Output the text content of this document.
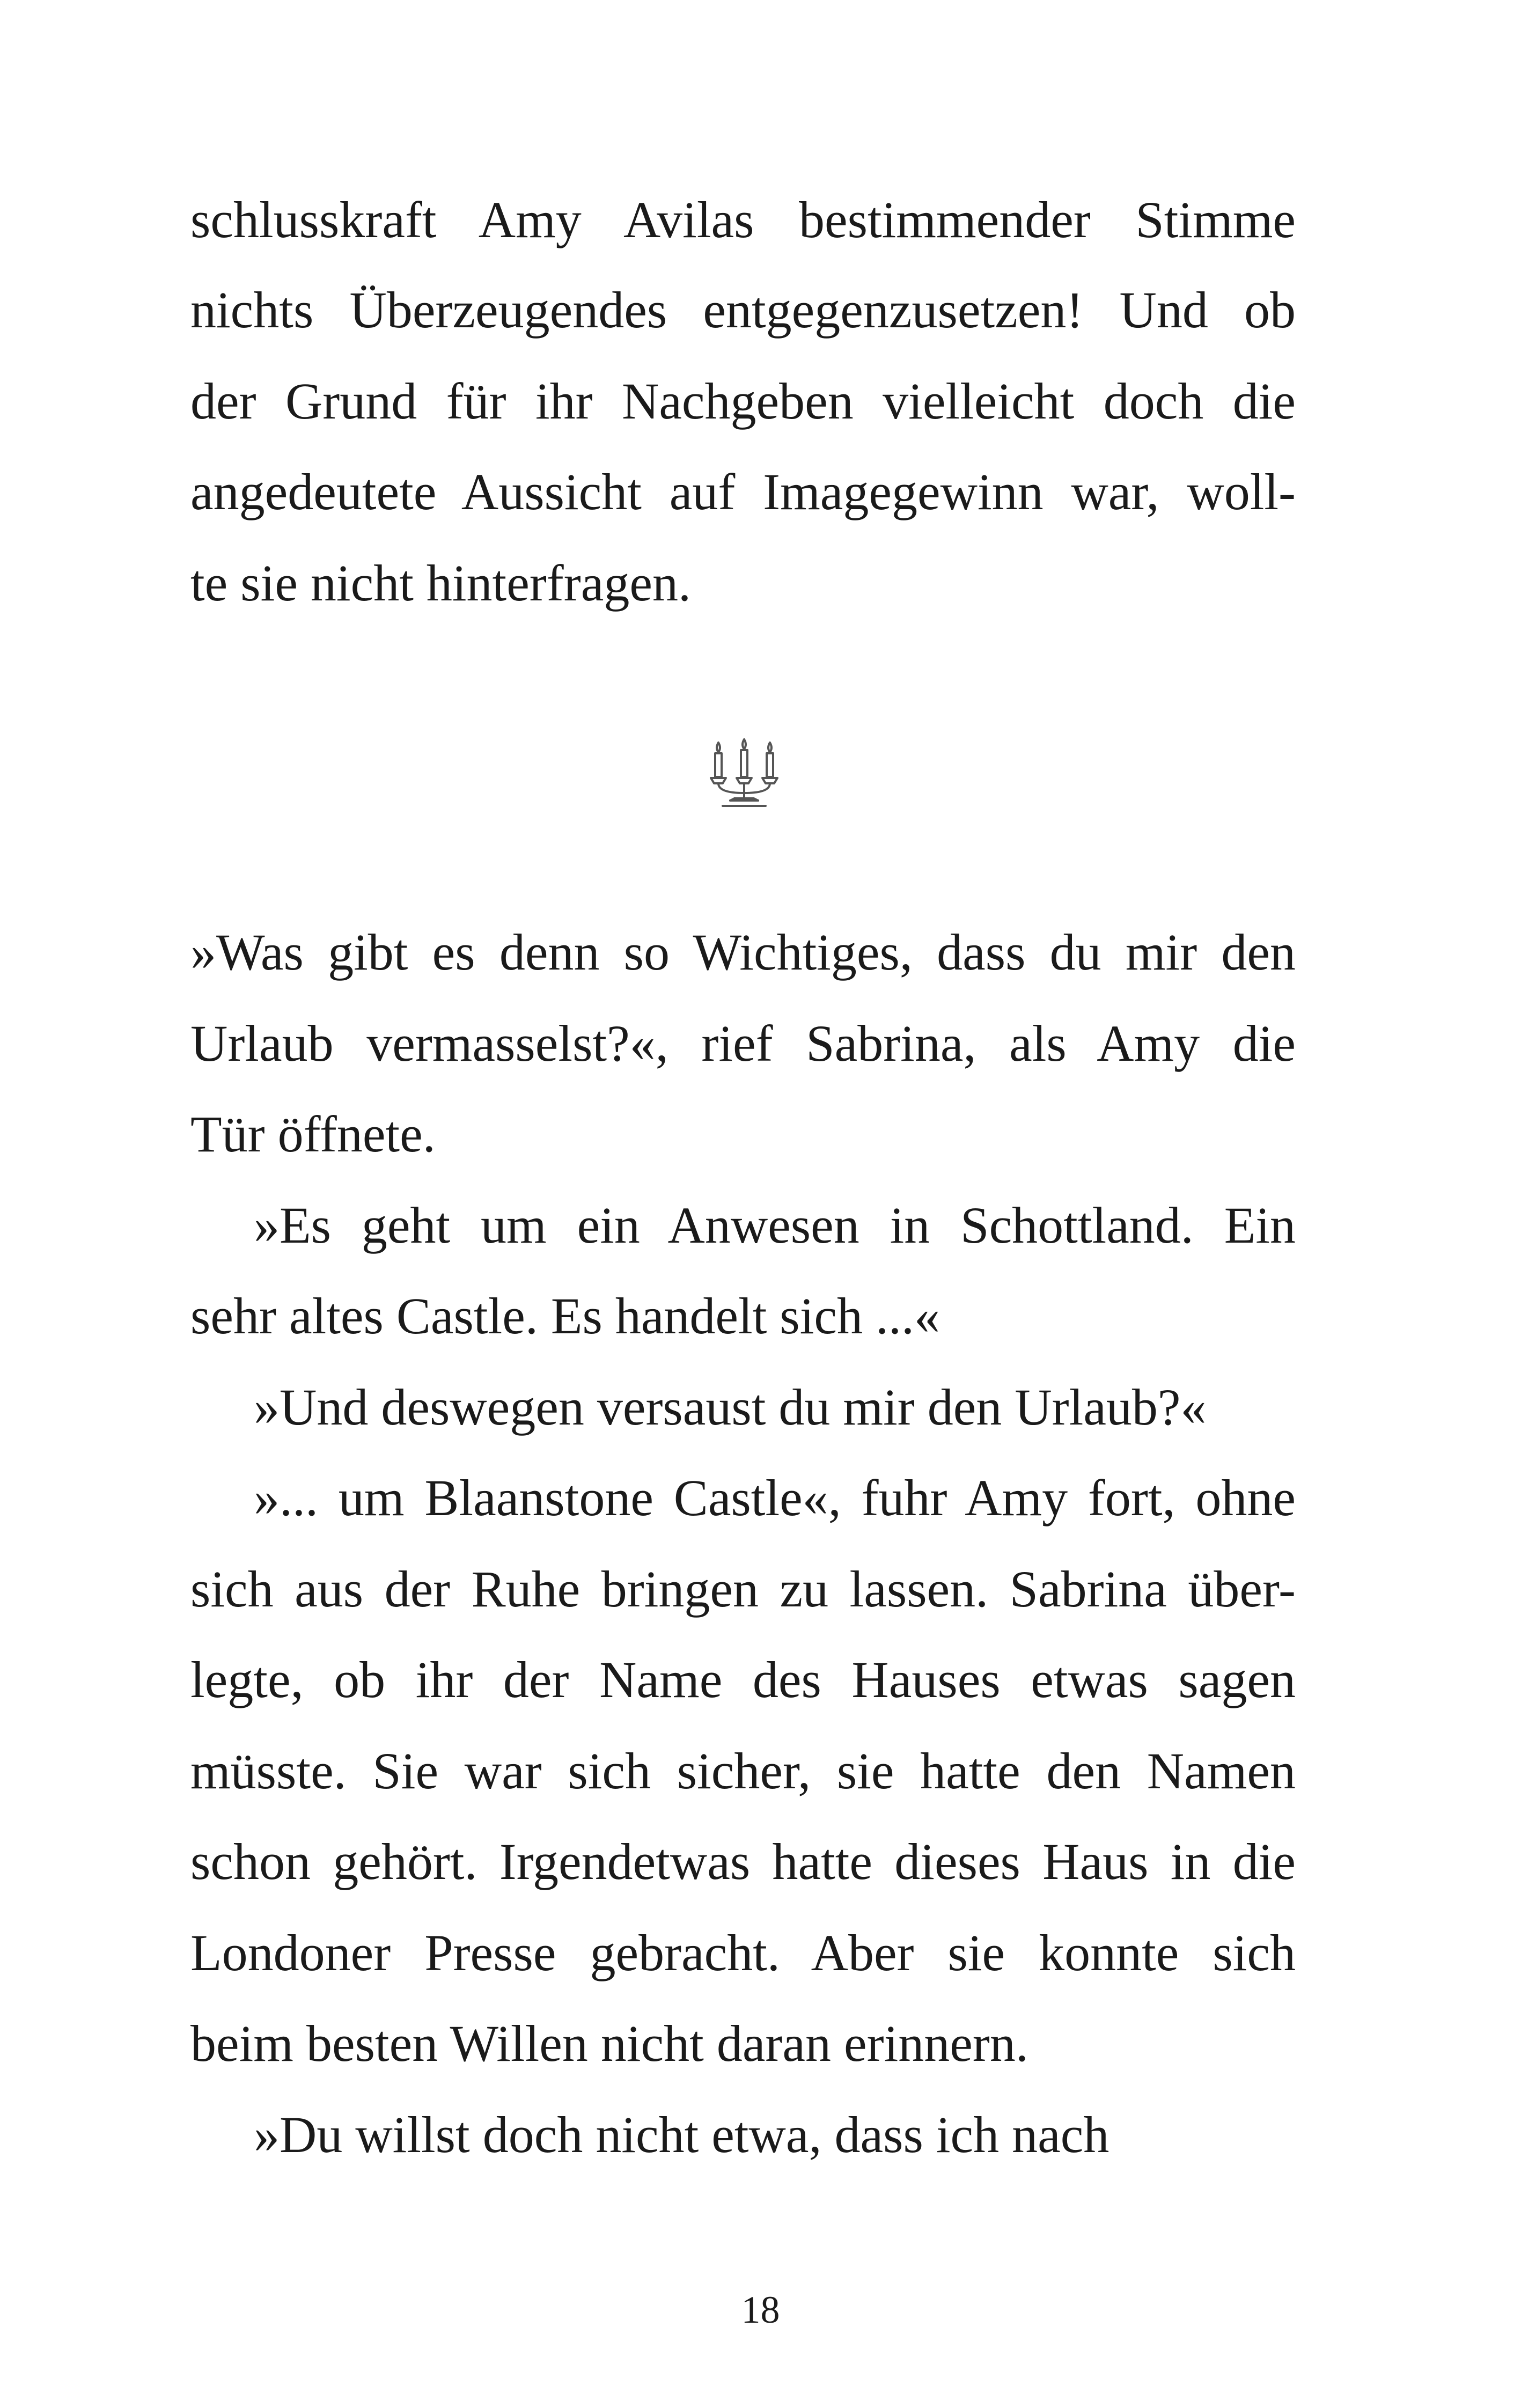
schlusskraft Amy Avilas bestimmender Stimme
nichts Überzeugendes entgegenzusetzen! Und ob
der Grund für ihr Nachgeben vielleicht doch die
angedeutete Aussicht auf Imagegewinn war, woll-
te sie nicht hinterfragen.
»Was gibt es denn so Wichtiges, dass du mir den
Urlaub vermasselst?«, rief Sabrina, als Amy die
Tür öffnete.
»Es geht um ein Anwesen in Schottland. Ein
sehr altes Castle. Es handelt sich ...«
»Und deswegen versaust du mir den Urlaub?«
»... um Blaanstone Castle«, fuhr Amy fort, ohne
sich aus der Ruhe bringen zu lassen. Sabrina über-
legte, ob ihr der Name des Hauses etwas sagen
müsste. Sie war sich sicher, sie hatte den Namen
schon gehört. Irgendetwas hatte dieses Haus in die
Londoner Presse gebracht. Aber sie konnte sich
beim besten Willen nicht daran erinnern.
»Du willst doch nicht etwa, dass ich nach
18
